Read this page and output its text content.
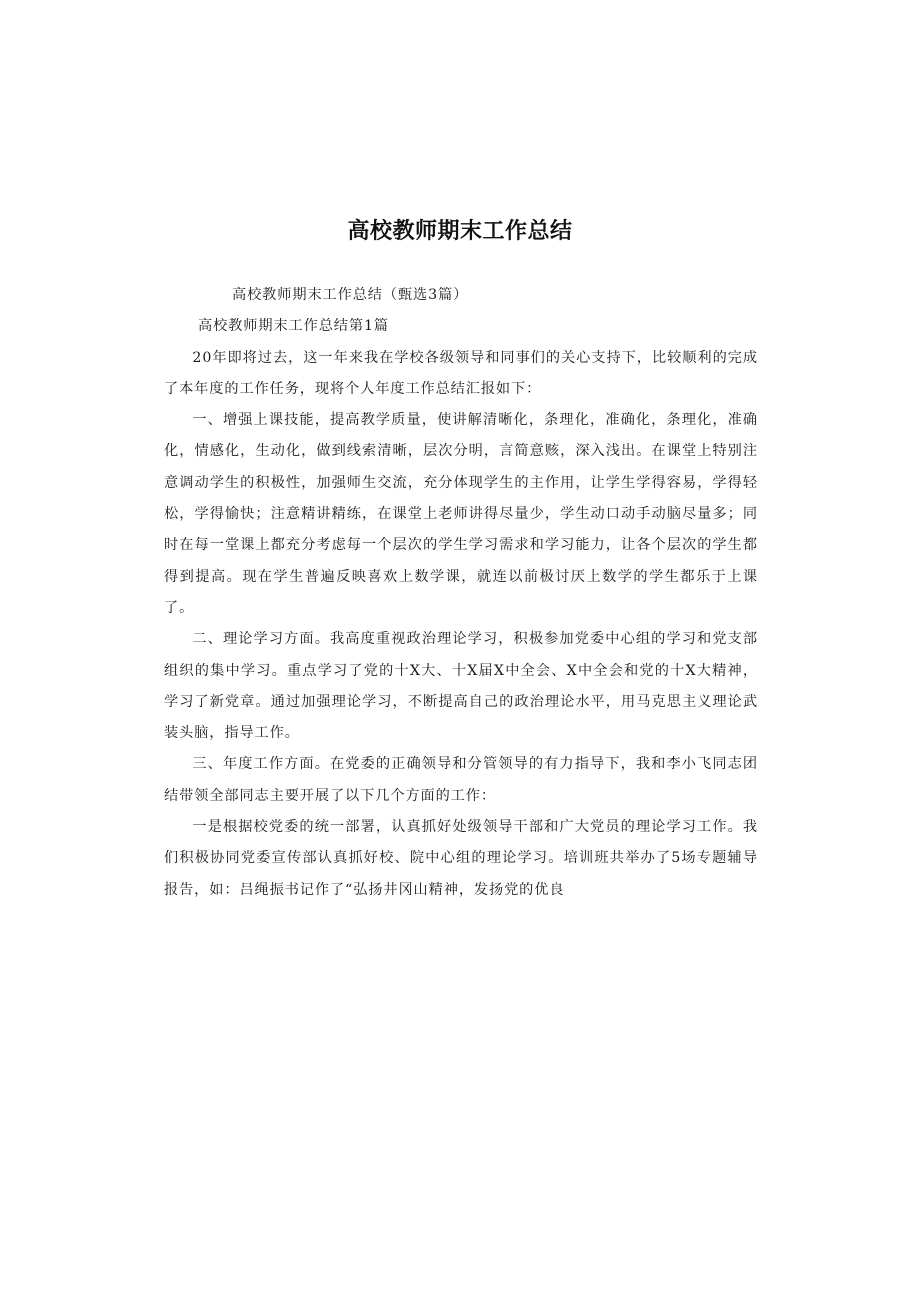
高校教师期末工作总结

高校教师期末工作总结（甄选3篇）

高校教师期末工作总结第1篇

20年即将过去，这一年来我在学校各级领导和同事们的关心支持下，比较顺利的完成了本年度的工作任务，现将个人年度工作总结汇报如下：

一、增强上课技能，提高教学质量，使讲解清晰化，条理化，准确化，条理化，准确化，情感化，生动化，做到线索清晰，层次分明，言简意赅，深入浅出。在课堂上特别注意调动学生的积极性，加强师生交流，充分体现学生的主作用，让学生学得容易，学得轻松，学得愉快；注意精讲精练，在课堂上老师讲得尽量少，学生动口动手动脑尽量多；同时在每一堂课上都充分考虑每一个层次的学生学习需求和学习能力，让各个层次的学生都得到提高。现在学生普遍反映喜欢上数学课，就连以前极讨厌上数学的学生都乐于上课了。

二、理论学习方面。我高度重视政治理论学习，积极参加党委中心组的学习和党支部组织的集中学习。重点学习了党的十X大、十X届X中全会、X中全会和党的十X大精神，学习了新党章。通过加强理论学习，不断提高自己的政治理论水平，用马克思主义理论武装头脑，指导工作。

三、年度工作方面。在党委的正确领导和分管领导的有力指导下，我和李小飞同志团结带领全部同志主要开展了以下几个方面的工作：

一是根据校党委的统一部署，认真抓好处级领导干部和广大党员的理论学习工作。我们积极协同党委宣传部认真抓好校、院中心组的理论学习。培训班共举办了5场专题辅导报告，如：吕绳振书记作了“弘扬井冈山精神，发扬党的优良
